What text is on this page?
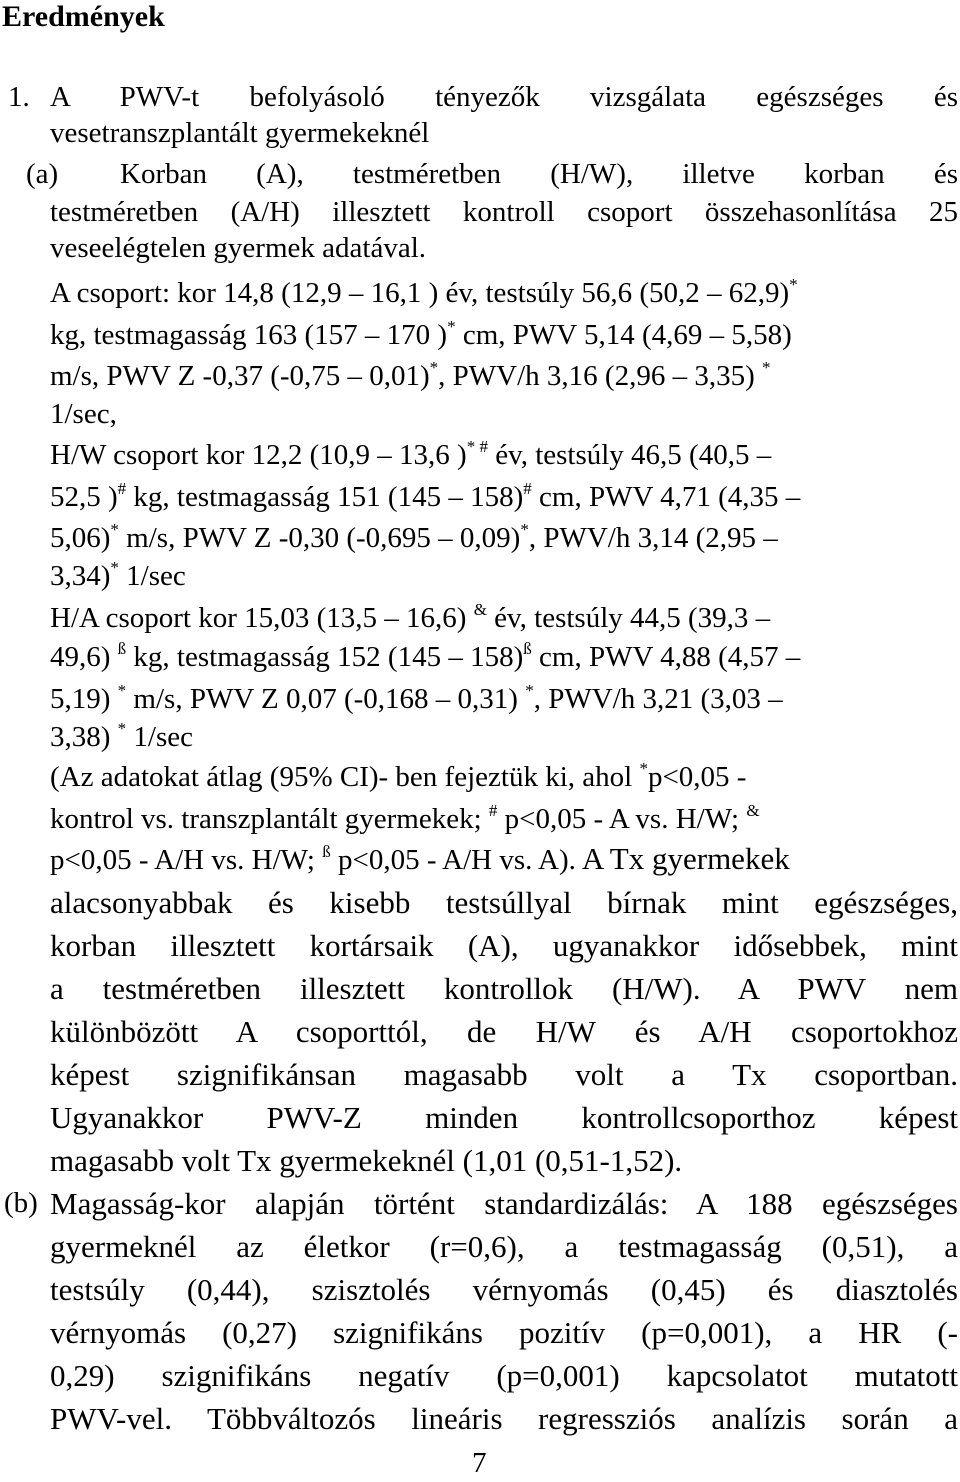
Eredmények
1. A PWV-t befolyásoló tényezők vizsgálata egészséges és
vesetranszplantált gyermekeknél
(a) Korban (A), testméretben (H/W), illetve korban és
testméretben (A/H) illesztett kontroll csoport összehasonlítása 25
veseelégtelen gyermek adatával.
A csoport: kor 14,8 (12,9 – 16,1 ) év, testsúly 56,6 (50,2 – 62,9)*
kg, testmagasság 163 (157 – 170 )* cm, PWV 5,14 (4,69 – 5,58)
m/s, PWV Z -0,37 (-0,75 – 0,01)*, PWV/h 3,16 (2,96 – 3,35) *
1/sec,
H/W csoport kor 12,2 (10,9 – 13,6 )* # év, testsúly 46,5 (40,5 –
52,5 )# kg, testmagasság 151 (145 – 158)# cm, PWV 4,71 (4,35 –
5,06)* m/s, PWV Z -0,30 (-0,695 – 0,09)*, PWV/h 3,14 (2,95 –
3,34)* 1/sec
H/A csoport kor 15,03 (13,5 – 16,6) & év, testsúly 44,5 (39,3 –
49,6) $^ß$ kg, testmagasság 152 (145 – 158)$^ß$ cm, PWV 4,88 (4,57 –
5,19) * m/s, PWV Z 0,07 (-0,168 – 0,31) *, PWV/h 3,21 (3,03 –
3,38) * 1/sec
(Az adatokat átlag (95% CI)- ben fejeztük ki, ahol *p<0,05 -
kontrol vs. transzplantált gyermekek; # p<0,05 - A vs. H/W; &
p<0,05 - A/H vs. H/W; $^ß$ p<0,05 - A/H vs. A). A Tx gyermekek
alacsonyabbak és kisebb testsúllyal bírnak mint egészséges,
korban illesztett kortársaik (A), ugyanakkor idősebbek, mint
a testméretben illesztett kontrollok (H/W). A PWV nem
különbözött A csoporttól, de H/W és A/H csoportokhoz
képest szignifikánsan magasabb volt a Tx csoportban.
Ugyanakkor PWV-Z minden kontrollcsoporthoz képest
magasabb volt Tx gyermekeknél (1,01 (0,51-1,52).
(b) Magasság-kor alapján történt standardizálás: A 188 egészséges
gyermeknél az életkor (r=0,6), a testmagasság (0,51), a
testsúly (0,44), szisztolés vérnyomás (0,45) és diasztolés
vérnyomás (0,27) szignifikáns pozitív (p=0,001), a HR (-
0,29) szignifikáns negatív (p=0,001) kapcsolatot mutatott
PWV-vel. Többváltozós lineáris regressziós analízis során a
7
